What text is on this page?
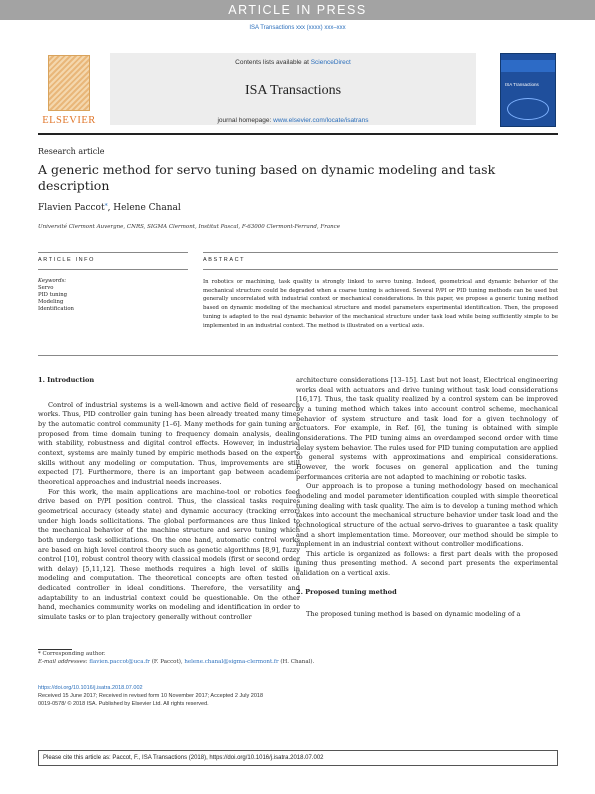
ARTICLE IN PRESS
ISA Transactions xxx (xxxx) xxx–xxx
ELSEVIER
Contents lists available at ScienceDirect
ISA Transactions
journal homepage: www.elsevier.com/locate/isatrans
ISA Transactions
Research article
A generic method for servo tuning based on dynamic modeling and task description
Flavien Paccot*, Helene Chanal
Université Clermont Auvergne, CNRS, SIGMA Clermont, Institut Pascal, F-63000 Clermont-Ferrand, France
ARTICLE INFO
Keywords:
Servo
PID tuning
Modeling
Identification
ABSTRACT
In robotics or machining, task quality is strongly linked to servo tuning. Indeed, geometrical and dynamic behavior of the mechanical structure could be degraded when a coarse tuning is achieved. Several P/PI or PID tuning methods can be used but generally uncorrelated with industrial context or mechanical considerations. In this paper, we propose a generic tuning method based on dynamic modeling of the mechanical structure and model parameters experimental identification. Then, the proposed tuning is adapted to the real dynamic behavior of the mechanical structure under task load while being sufficiently simple to be implemented in an industrial context. The method is illustrated on a vertical axis.
1. Introduction

Control of industrial systems is a well-known and active field of research works. Thus, PID controller gain tuning has been already treated many times by the automatic control community [1–6]. Many methods for gain tuning are proposed from time domain tuning to frequency domain analysis, dealing with stability, robustness and digital control effects. However, in industrial context, systems are mainly tuned by empiric methods based on the experts skills without any modeling or computation. Thus, improvements are still expected [7]. Furthermore, there is an important gap between academic theoretical approaches and industrial needs increases.

For this work, the main applications are machine-tool or robotics feed drive based on P/PI position control. Thus, the classical tasks requires geometrical accuracy (steady state) and dynamic accuracy (tracking error) under high loads sollicitations. The global performances are thus linked to the mechanical behavior of the machine structure and servo tuning which both undergo task sollicitations. On the one hand, automatic control works are based on high level control theory such as genetic algorithms [8,9], fuzzy control [10], robust control theory with classical models (first or second order with delay) [5,11,12]. These methods requires a high level of skills in modeling and computation. The theoretical concepts are often tested on dedicated controller in ideal conditions. Therefore, the versatility and adaptability to an industrial context could be questionable. On the other hand, mechanics community works on modeling and identification in order to simulate tasks or to plan trajectory generally without controller

architecture considerations [13–15]. Last but not least, Electrical engineering works deal with actuators and drive tuning without task load considerations [16,17]. Thus, the task quality realized by a control system can be improved by a tuning method which takes into account control scheme, mechanical behavior of system structure and task load for a given technology of actuators. For example, in Ref. [6], the tuning is obtained with simple considerations. The PID tuning aims an overdamped second order with time delay system behavior. The rules used for PID tuning computation are applied to general systems with approximations and empirical considerations. However, the work focuses on general application and the tuning performances criteria are not adapted to machining or robotic tasks.

Our approach is to propose a tuning methodology based on mechanical modeling and model parameter identification coupled with simple theoretical tuning dealing with task quality. The aim is to develop a tuning method which takes into account the mechanical structure behavior under task load and the technological structure of the actual servo-drives to guarantee a task quality and a short implementation time. Moreover, our method should be simple to implement in an industrial context without controller modifications.

This article is organized as follows: a first part deals with the proposed tuning thus presenting method. A second part presents the experimental validation on a vertical axis.

2. Proposed tuning method

The proposed tuning method is based on dynamic modeling of a

* Corresponding author.
E-mail addresses: flavien.paccot@uca.fr (F. Paccot), helene.chanal@sigma-clermont.fr (H. Chanal).
https://doi.org/10.1016/j.isatra.2018.07.002
Received 15 June 2017; Received in revised form 10 November 2017; Accepted 2 July 2018
0019-0578/ © 2018 ISA. Published by Elsevier Ltd. All rights reserved.
Please cite this article as: Paccot, F., ISA Transactions (2018), https://doi.org/10.1016/j.isatra.2018.07.002
